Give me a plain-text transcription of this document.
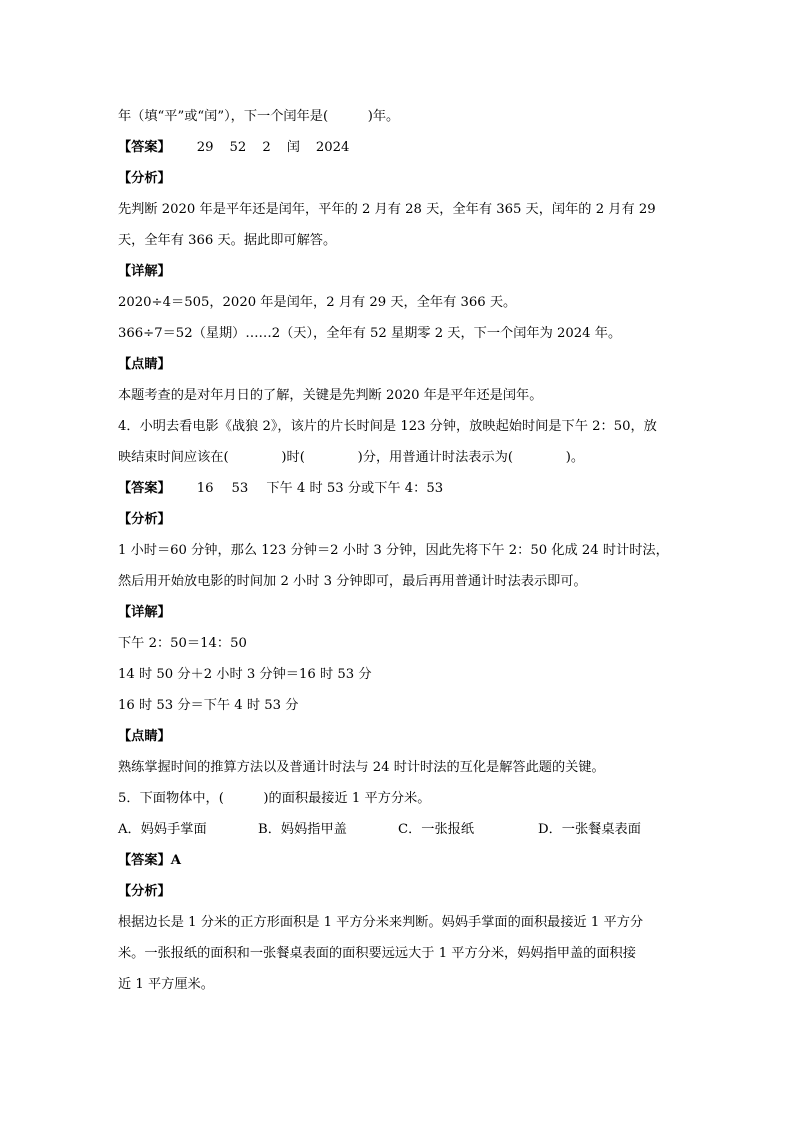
年（填“平”或“闰”），下一个闰年是(　　　)年。
【答案】 29 52 2 闰 2024
【分析】
先判断 2020 年是平年还是闰年，平年的 2 月有 28 天，全年有 365 天，闰年的 2 月有 29
天，全年有 366 天。据此即可解答。
【详解】
2020÷4＝505，2020 年是闰年，2 月有 29 天，全年有 366 天。
366÷7＝52（星期）……2（天），全年有 52 星期零 2 天，下一个闰年为 2024 年。
【点睛】
本题考查的是对年月日的了解，关键是先判断 2020 年是平年还是闰年。
4．小明去看电影《战狼 2》，该片的片长时间是 123 分钟，放映起始时间是下午 2：50，放
映结束时间应该在(　　　　)时(　　　　)分，用普通计时法表示为(　　　　)。
【答案】 16 53 下午 4 时 53 分或下午 4：53
【分析】
1 小时＝60 分钟，那么 123 分钟＝2 小时 3 分钟，因此先将下午 2：50 化成 24 时计时法，
然后用开始放电影的时间加 2 小时 3 分钟即可，最后再用普通计时法表示即可。
【详解】
下午 2：50＝14：50
14 时 50 分＋2 小时 3 分钟＝16 时 53 分
16 时 53 分＝下午 4 时 53 分
【点睛】
熟练掌握时间的推算方法以及普通计时法与 24 时计时法的互化是解答此题的关键。
5．下面物体中，(　　　)的面积最接近 1 平方分米。
A．妈妈手掌面	B．妈妈指甲盖	C．一张报纸	D．一张餐桌表面
【答案】A
【分析】
根据边长是 1 分米的正方形面积是 1 平方分米来判断。妈妈手掌面的面积最接近 1 平方分
米。一张报纸的面积和一张餐桌表面的面积要远远大于 1 平方分米，妈妈指甲盖的面积接
近 1 平方厘米。
